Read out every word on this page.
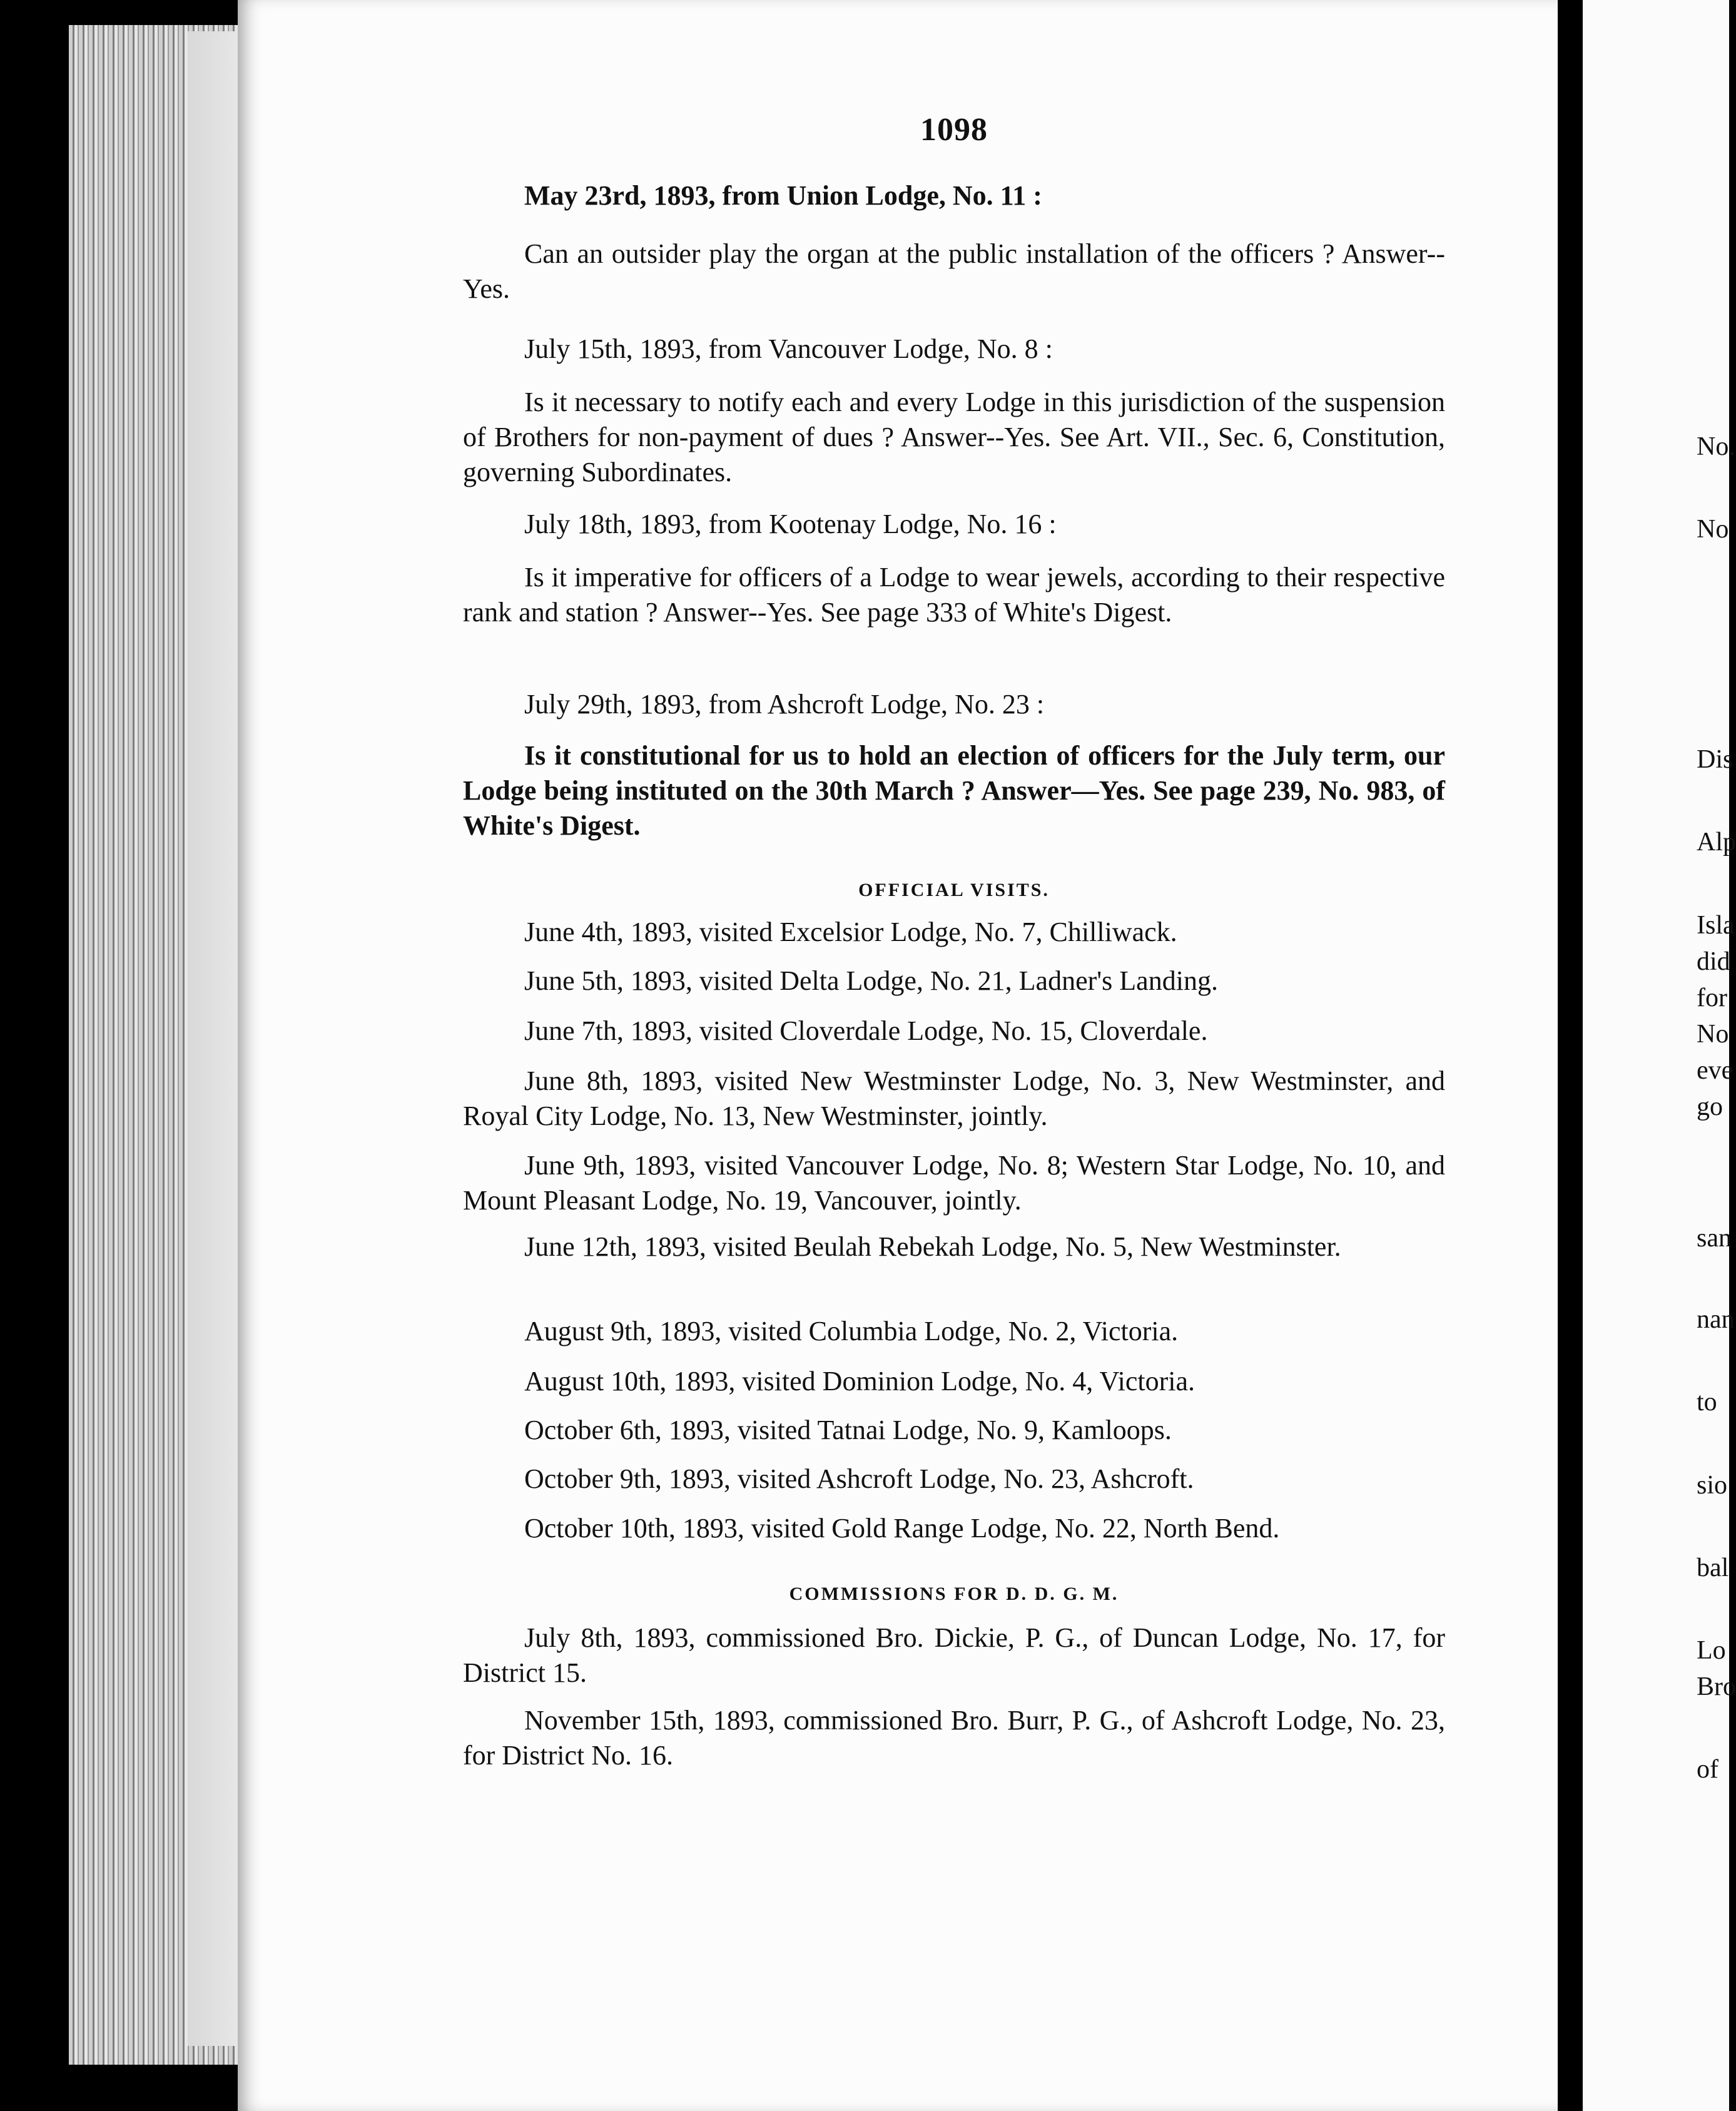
No.
No
Dis
Alp
Isla
did
for
No
eve
go
san
nan
to
sio
bal
Lo
Bro
of
1098

May 23rd, 1893, from Union Lodge, No. 11 :

Can an outsider play the organ at the public installation of the officers ? Answer--Yes.

July 15th, 1893, from Vancouver Lodge, No. 8 :

Is it necessary to notify each and every Lodge in this jurisdiction of the suspension of Brothers for non-payment of dues ? Answer--Yes. See Art. VII., Sec. 6, Constitution, governing Subordinates.

July 18th, 1893, from Kootenay Lodge, No. 16 :

Is it imperative for officers of a Lodge to wear jewels, according to their respective rank and station ? Answer--Yes. See page 333 of White's Digest.

July 29th, 1893, from Ashcroft Lodge, No. 23 :

Is it constitutional for us to hold an election of officers for the July term, our Lodge being instituted on the 30th March ? Answer—Yes. See page 239, No. 983, of White's Digest.

OFFICIAL VISITS.

June 4th, 1893, visited Excelsior Lodge, No. 7, Chilliwack.

June 5th, 1893, visited Delta Lodge, No. 21, Ladner's Landing.

June 7th, 1893, visited Cloverdale Lodge, No. 15, Cloverdale.

June 8th, 1893, visited New Westminster Lodge, No. 3, New Westminster, and Royal City Lodge, No. 13, New Westminster, jointly.

June 9th, 1893, visited Vancouver Lodge, No. 8; Western Star Lodge, No. 10, and Mount Pleasant Lodge, No. 19, Vancouver, jointly.

June 12th, 1893, visited Beulah Rebekah Lodge, No. 5, New Westminster.

August 9th, 1893, visited Columbia Lodge, No. 2, Victoria.

August 10th, 1893, visited Dominion Lodge, No. 4, Victoria.

October 6th, 1893, visited Tatnai Lodge, No. 9, Kamloops.

October 9th, 1893, visited Ashcroft Lodge, No. 23, Ashcroft.

October 10th, 1893, visited Gold Range Lodge, No. 22, North Bend.

COMMISSIONS FOR D. D. G. M.

July 8th, 1893, commissioned Bro. Dickie, P. G., of Duncan Lodge, No. 17, for District 15.

November 15th, 1893, commissioned Bro. Burr, P. G., of Ashcroft Lodge, No. 23, for District No. 16.
